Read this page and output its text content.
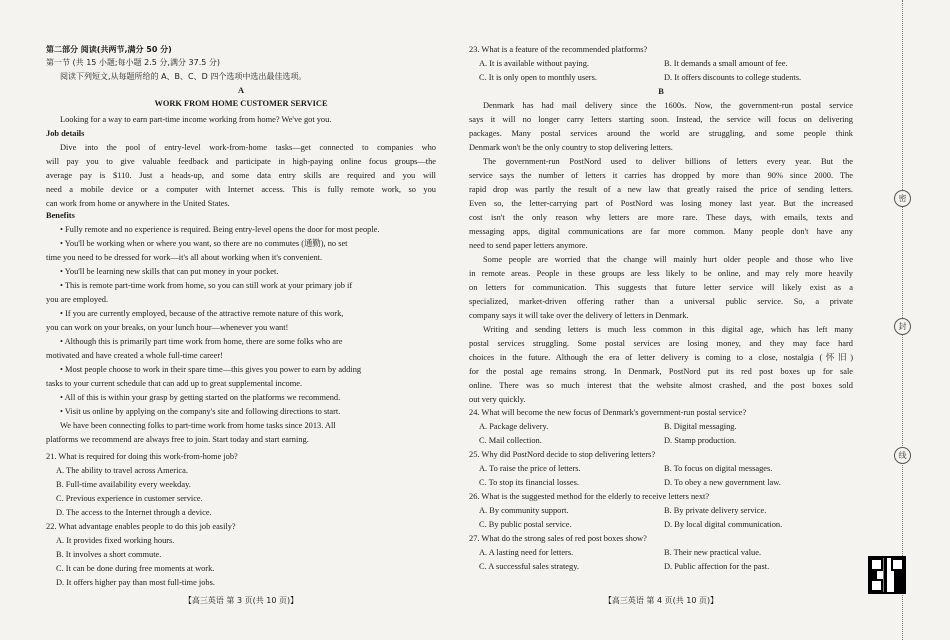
第二部分 阅读(共两节,满分 50 分)
第一节 (共 15 小题;每小题 2.5 分,满分 37.5 分)
阅读下列短文,从每题所给的 A、B、C、D 四个选项中选出最佳选项。
A
WORK FROM HOME CUSTOMER SERVICE
Looking for a way to earn part-time income working from home? We've got you.
Job details
Dive into the pool of entry-level work-from-home tasks—get connected to companies who
will pay you to give valuable feedback and participate in high-paying online focus groups—the
average pay is $110. Just a heads-up, and some data entry skills are required and you will
need a mobile device or a computer with Internet access. This is fully remote work, so you
can work from home or anywhere in the United States.
Benefits
• Fully remote and no experience is required. Being entry-level opens the door for most people.
• You'll be working when or where you want, so there are no commutes (通勤), no set
time you need to be dressed for work—it's all about working when it's convenient.
• You'll be learning new skills that can put money in your pocket.
• This is remote part-time work from home, so you can still work at your primary job if
you are employed.
• If you are currently employed, because of the attractive remote nature of this work,
you can work on your breaks, on your lunch hour—whenever you want!
• Although this is primarily part time work from home, there are some folks who are
motivated and have created a whole full-time career!
• Most people choose to work in their spare time—this gives you power to earn by adding
tasks to your current schedule that can add up to great supplemental income.
• All of this is within your grasp by getting started on the platforms we recommend.
• Visit us online by applying on the company's site and following directions to start.
We have been connecting folks to part-time work from home tasks since 2013. All
platforms we recommend are always free to join. Start today and start earning.
21. What is required for doing this work-from-home job?
A. The ability to travel across America.
B. Full-time availability every weekday.
C. Previous experience in customer service.
D. The access to the Internet through a device.
22. What advantage enables people to do this job easily?
A. It provides fixed working hours.
B. It involves a short commute.
C. It can be done during free moments at work.
D. It offers higher pay than most full-time jobs.
【高三英语 第 3 页(共 10 页)】
23. What is a feature of the recommended platforms?
A. It is available without paying.	B. It demands a small amount of fee.
C. It is only open to monthly users.	D. It offers discounts to college students.
B
Denmark has had mail delivery since the 1600s. Now, the government-run postal service
says it will no longer carry letters starting soon. Instead, the service will focus on delivering
packages. Many postal services around the world are struggling, and some people think
Denmark won't be the only country to stop delivering letters.
The government-run PostNord used to deliver billions of letters every year. But the
service says the number of letters it carries has dropped by more than 90% since 2000. The
rapid drop was partly the result of a new law that greatly raised the price of sending letters.
Even so, the letter-carrying part of PostNord was losing money last year. But the increased
cost isn't the only reason why letters are more rare. These days, with emails, texts and
messaging apps, digital communications are far more common. Many people don't have any
need to send paper letters anymore.
Some people are worried that the change will mainly hurt older people and those who live
in remote areas. People in these groups are less likely to be online, and may rely more heavily
on letters for communication. This suggests that future letter service will likely exist as a
specialized, market-driven offering rather than a universal public service. So, a private
company says it will take over the delivery of letters in Denmark.
Writing and sending letters is much less common in this digital age, which has left many
postal services struggling. Some postal services are losing money, and they may face hard
choices in the future. Although the era of letter delivery is coming to a close, nostalgia (怀旧)
for the postal age remains strong. In Denmark, PostNord put its red post boxes up for sale
online. There was so much interest that the website almost crashed, and the post boxes sold
out very quickly.
24. What will become the new focus of Denmark's government-run postal service?
A. Package delivery.	B. Digital messaging.
C. Mail collection.	D. Stamp production.
25. Why did PostNord decide to stop delivering letters?
A. To raise the price of letters.	B. To focus on digital messages.
C. To stop its financial losses.	D. To obey a new government law.
26. What is the suggested method for the elderly to receive letters next?
A. By community support.	B. By private delivery service.
C. By public postal service.	D. By local digital communication.
27. What do the strong sales of red post boxes show?
A. A lasting need for letters.	B. Their new practical value.
C. A successful sales strategy.	D. Public affection for the past.
【高三英语 第 4 页(共 10 页)】
密
封
线
